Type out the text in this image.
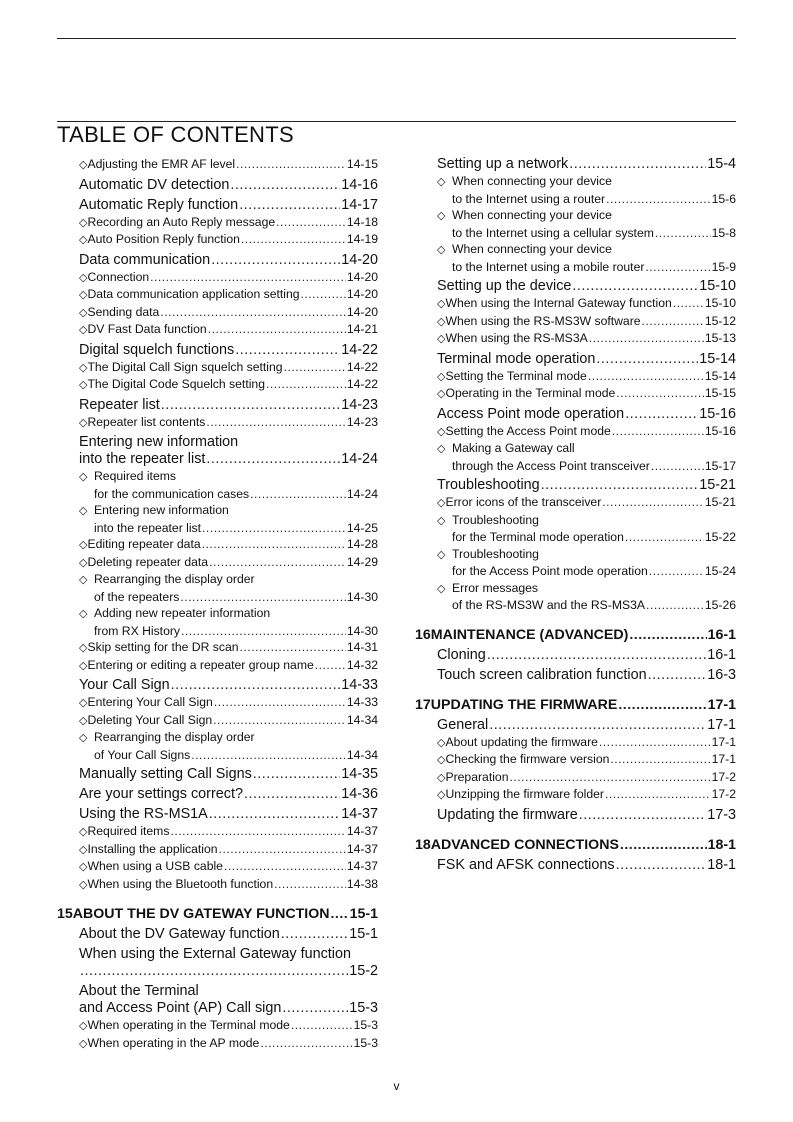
TABLE OF CONTENTS
◇ Adjusting the EMR AF level .....	14-15
Automatic DV detection .....	14-16
Automatic Reply function .....	14-17
◇ Recording an Auto Reply message .....	14-18
◇ Auto Position Reply function .....	14-19
Data communication .....	14-20
◇ Connection .....	14-20
◇ Data communication application setting .....	14-20
◇ Sending data .....	14-20
◇ DV Fast Data function .....	14-21
Digital squelch functions .....	14-22
◇ The Digital Call Sign squelch setting .....	14-22
◇ The Digital Code Squelch setting .....	14-22
Repeater list .....	14-23
◇ Repeater list contents .....	14-23
Entering new information
into the repeater list .....	14-24
◇ Required items
for the communication cases .....	14-24
◇ Entering new information
into the repeater list .....	14-25
◇ Editing repeater data .....	14-28
◇ Deleting repeater data .....	14-29
◇ Rearranging the display order
of the repeaters .....	14-30
◇ Adding new repeater information
from RX History .....	14-30
◇ Skip setting for the DR scan .....	14-31
◇ Entering or editing a repeater group name .....	14-32
Your Call Sign .....	14-33
◇ Entering Your Call Sign .....	14-33
◇ Deleting Your Call Sign .....	14-34
◇ Rearranging the display order
of Your Call Signs .....	14-34
Manually setting Call Signs .....	14-35
Are your settings correct? .....	14-36
Using the RS-MS1A .....	14-37
◇ Required items .....	14-37
◇ Installing the application .....	14-37
◇ When using a USB cable .....	14-37
◇ When using the Bluetooth function .....	14-38
15 ABOUT THE DV GATEWAY FUNCTION ..... 15-1
About the DV Gateway function .....	15-1
When using the External Gateway function
.....
15-2
About the Terminal
and Access Point (AP) Call sign .....	15-3
◇ When operating in the Terminal mode .....	15-3
◇ When operating in the AP mode .....	15-3
Setting up a network .....	15-4
◇ When connecting your device
to the Internet using a router .....	15-6
◇ When connecting your device
to the Internet using a cellular system .....	15-8
◇ When connecting your device
to the Internet using a mobile router .....	15-9
Setting up the device .....	15-10
◇ When using the Internal Gateway function .....	15-10
◇ When using the RS-MS3W software .....	15-12
◇ When using the RS-MS3A .....	15-13
Terminal mode operation .....	15-14
◇ Setting the Terminal mode .....	15-14
◇ Operating in the Terminal mode .....	15-15
Access Point mode operation .....	15-16
◇ Setting the Access Point mode .....	15-16
◇ Making a Gateway call
through the Access Point transceiver .....	15-17
Troubleshooting .....	15-21
◇ Error icons of the transceiver .....	15-21
◇ Troubleshooting
for the Terminal mode operation .....	15-22
◇ Troubleshooting
for the Access Point mode operation .....	15-24
◇ Error messages
of the RS-MS3W and the RS-MS3A .....	15-26
16 MAINTENANCE (ADVANCED) .....	16-1
Cloning .....	16-1
Touch screen calibration function .....	16-3
17 UPDATING THE FIRMWARE .....	17-1
General .....	17-1
◇ About updating the firmware .....	17-1
◇ Checking the firmware version .....	17-1
◇ Preparation .....	17-2
◇ Unzipping the firmware folder .....	17-2
Updating the firmware .....	17-3
18 ADVANCED CONNECTIONS .....	18-1
FSK and AFSK connections .....	18-1
v
